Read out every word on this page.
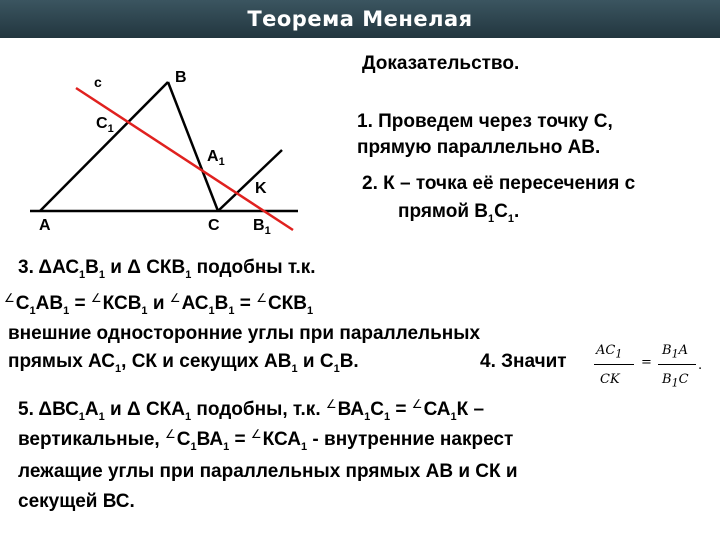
Теорема Менелая
c	B
$C_1$
$A_1$
K
A	C $B_1$
Доказательство.
1. Проведем через точку С,
прямую параллельно АВ.
2. К – точка её пересечения с
прямой $В_1С_1$.
3. $\Delta АС_1В_1$ и Δ $СКВ_1$ подобны т.к.
$^\angle С_1АВ_1 = ^\angle КСВ_1$ и $^\angle АС_1В_1 = ^\angle СКВ_1$
внешние односторонние углы при параллельных
прямых $АС_1$, СК и секущих $АВ_1$ и $С_1В$.	4. Значит
$AC_1$
CK
=
$B_1A$
$B_1C$
.
5. $\Delta ВС_1А_1$ и Δ $СКА_1$ подобны, т.к. $^\angle ВА_1С_1 = ^\angle СА_1К$ –
вертикальные, $^\angle С_1ВА_1 = ^\angle КСА_1$ - внутренние накрест
лежащие углы при параллельных прямых АВ и СК и
секущей ВС.
